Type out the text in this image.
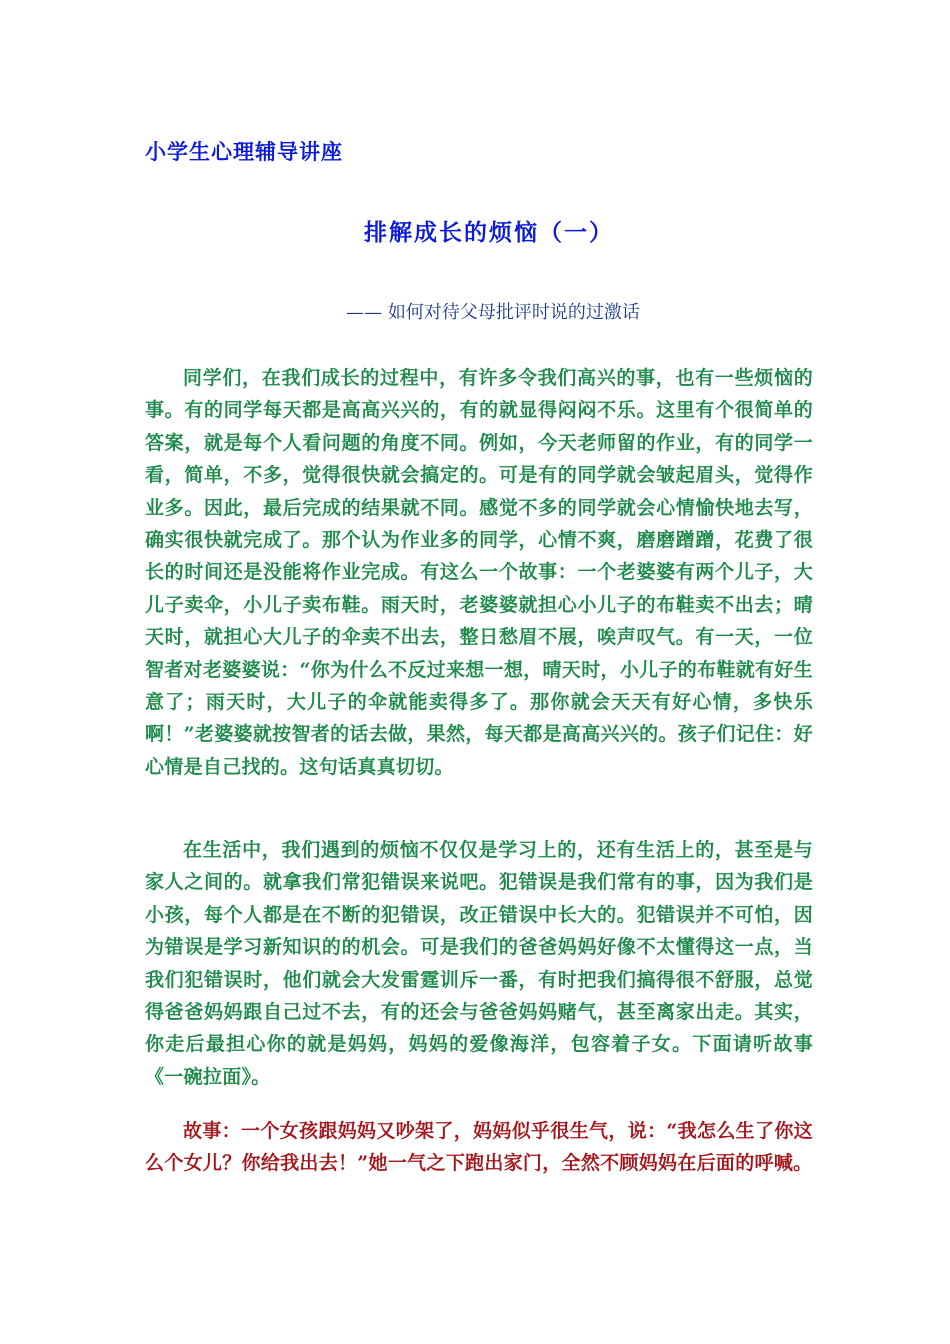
小学生心理辅导讲座
排解成长的烦恼（一）
—— 如何对待父母批评时说的过激话

同学们，在我们成长的过程中，有许多令我们高兴的事，也有一些烦恼的事。有的同学每天都是高高兴兴的，有的就显得闷闷不乐。这里有个很简单的答案，就是每个人看问题的角度不同。例如，今天老师留的作业，有的同学一看，简单，不多，觉得很快就会搞定的。可是有的同学就会皱起眉头，觉得作业多。因此，最后完成的结果就不同。感觉不多的同学就会心情愉快地去写，确实很快就完成了。那个认为作业多的同学，心情不爽，磨磨蹭蹭，花费了很长的时间还是没能将作业完成。有这么一个故事：一个老婆婆有两个儿子，大儿子卖伞，小儿子卖布鞋。雨天时，老婆婆就担心小儿子的布鞋卖不出去；晴天时，就担心大儿子的伞卖不出去，整日愁眉不展，唉声叹气。有一天，一位智者对老婆婆说：“你为什么不反过来想一想，晴天时，小儿子的布鞋就有好生意了；雨天时，大儿子的伞就能卖得多了。那你就会天天有好心情，多快乐啊！”老婆婆就按智者的话去做，果然，每天都是高高兴兴的。孩子们记住：好心情是自己找的。这句话真真切切。

在生活中，我们遇到的烦恼不仅仅是学习上的，还有生活上的，甚至是与家人之间的。就拿我们常犯错误来说吧。犯错误是我们常有的事，因为我们是小孩，每个人都是在不断的犯错误，改正错误中长大的。犯错误并不可怕，因为错误是学习新知识的的机会。可是我们的爸爸妈妈好像不太懂得这一点，当我们犯错误时，他们就会大发雷霆训斥一番，有时把我们搞得很不舒服，总觉得爸爸妈妈跟自己过不去，有的还会与爸爸妈妈赌气，甚至离家出走。其实，你走后最担心你的就是妈妈，妈妈的爱像海洋，包容着子女。下面请听故事《一碗拉面》。

故事：一个女孩跟妈妈又吵架了，妈妈似乎很生气，说：“我怎么生了你这么个女儿？你给我出去！”她一气之下跑出家门，全然不顾妈妈在后面的呼喊。
